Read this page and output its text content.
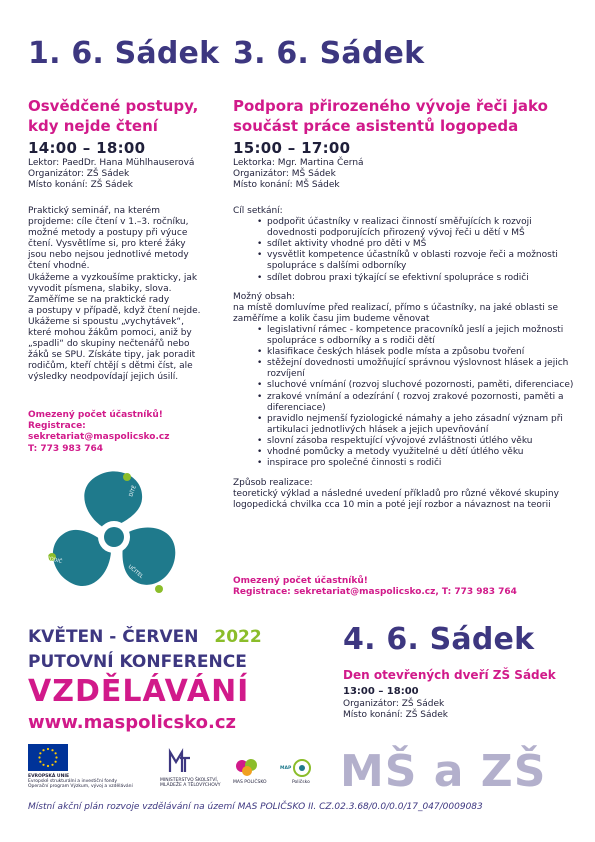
1. 6. Sádek
Osvědčené postupy,
kdy nejde čtení
14:00 – 18:00
Lektor: PaedDr. Hana Mühlhauserová
Organizátor: ZŠ Sádek
Místo konání: ZŠ Sádek
Praktický seminář, na kterém
projdeme: cíle čtení v 1.–3. ročníku,
možné metody a postupy při výuce
čtení. Vysvětlíme si, pro které žáky
jsou nebo nejsou jednotlivé metody
čtení vhodné.
Ukážeme a vyzkoušíme prakticky, jak
vyvodit písmena, slabiky, slova.
Zaměříme se na praktické rady
a postupy v případě, když čtení nejde.
Ukážeme si spoustu „vychytávek“,
které mohou žákům pomoci, aniž by
„spadli“ do skupiny nečtenářů nebo
žáků se SPU. Získáte tipy, jak poradit
rodičům, kteří chtějí s dětmi číst, ale
výsledky neodpovídají jejich úsilí.
Omezený počet účastníků!
Registrace:
sekretariat@maspolicsko.cz
T: 773 983 764
3. 6. Sádek
Podpora přirozeného vývoje řeči jako
součást práce asistentů logopeda
15:00 – 17:00
Lektorka: Mgr. Martina Černá
Organizátor: MŠ Sádek
Místo konání: MŠ Sádek
Cíl setkání:
• podpořit účastníky v realizaci činností směřujících k rozvoji dovednosti podporujících přirozený vývoj řeči u dětí v MŠ
• sdílet aktivity vhodné pro děti v MŠ
• vysvětlit kompetence účastníků v oblasti rozvoje řeči a možnosti spolupráce s dalšími odborníky
• sdílet dobrou praxi týkající se efektivní spolupráce s rodiči
Možný obsah:
na místě domluvíme před realizací, přímo s účastníky, na jaké oblasti se zaměříme a kolik času jim budeme věnovat
• legislativní rámec - kompetence pracovníků jeslí a jejich možnosti spolupráce s odborníky a s rodiči dětí
• klasifikace českých hlásek podle místa a způsobu tvoření
• stěžejní dovednosti umožňující správnou výslovnost hlásek a jejich rozvíjení
• sluchové vnímání (rozvoj sluchové pozornosti, paměti, diferenciace)
• zrakové vnímání a odezírání ( rozvoj zrakové pozornosti, paměti a diferenciace)
• pravidlo nejmenší fyziologické námahy a jeho zásadní význam při artikulaci jednotlivých hlásek a jejich upevňování
• slovní zásoba respektující vývojové zvláštnosti útlého věku
• vhodné pomůcky a metody využitelné u dětí útlého věku
• inspirace pro společné činnosti s rodiči
Způsob realizace:
teoretický výklad a následné uvedení příkladů pro různé věkové skupiny logopedická chvilka cca 10 min a poté její rozbor a návaznost na teorii
Omezený počet účastníků!
Registrace: sekretariat@maspolicsko.cz, T: 773 983 764
DÍTĚ
RODIČ
UČITEL
KVĚTEN - ČERVEN 2022
PUTOVNÍ KONFERENCE
VZDĚLÁVÁNÍ
www.maspolicsko.cz
4. 6. Sádek
Den otevřených dveří ZŠ Sádek
13:00 – 18:00
Organizátor: ZŠ Sádek
Místo konání: ZŠ Sádek
MŠ a ZŠ
EVROPSKÁ UNIE
Evropské strukturální a investiční fondy
Operační program Výzkum, vývoj a vzdělávání
MINISTERSTVO ŠKOLSTVÍ,
MLÁDEŽE A TĚLOVÝCHOVY
MAS POLIČSKO
MAP
Poličsko
Místní akční plán rozvoje vzdělávání na území MAS POLIČSKO II. CZ.02.3.68/0.0/0.0/17_047/0009083
